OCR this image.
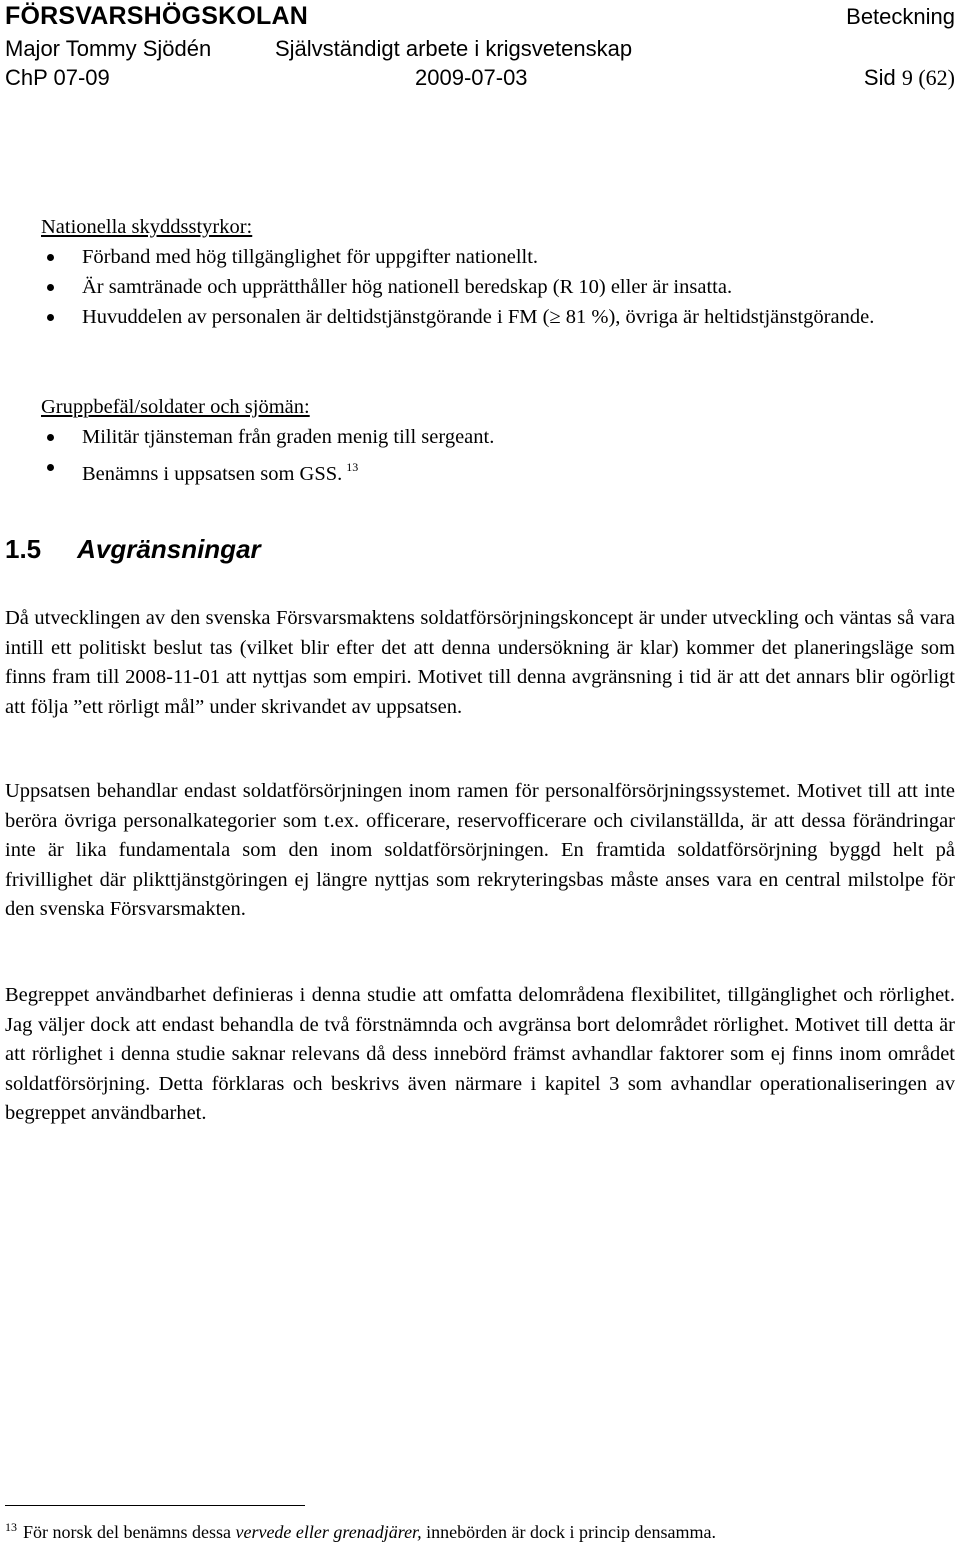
FÖRSVARSHÖGSKOLAN	Beteckning
Major Tommy Sjödén	Självständigt arbete i krigsvetenskap
ChP 07-09	2009-07-03	Sid 9 (62)
Nationella skyddsstyrkor:
Förband med hög tillgänglighet för uppgifter nationellt.
Är samtränade och upprätthåller hög nationell beredskap (R 10) eller är insatta.
Huvuddelen av personalen är deltidstjänstgörande i FM (≥ 81 %), övriga är heltidstjänstgörande.
Gruppbefäl/soldater och sjömän:
Militär tjänsteman från graden menig till sergeant.
Benämns i uppsatsen som GSS. $^{13}$
1.5 Avgränsningar

Då utvecklingen av den svenska Försvarsmaktens soldatförsörjningskoncept är under utveckling och väntas så vara intill ett politiskt beslut tas (vilket blir efter det att denna undersökning är klar) kommer det planeringsläge som finns fram till 2008-11-01 att nyttjas som empiri. Motivet till denna avgränsning i tid är att det annars blir ogörligt att följa ”ett rörligt mål” under skrivandet av uppsatsen.

Uppsatsen behandlar endast soldatförsörjningen inom ramen för personalförsörjningssystemet. Motivet till att inte beröra övriga personalkategorier som t.ex. officerare, reservofficerare och civilanställda, är att dessa förändringar inte är lika fundamentala som den inom soldatförsörjningen. En framtida soldatförsörjning byggd helt på frivillighet där plikttjänstgöringen ej längre nyttjas som rekryteringsbas måste anses vara en central milstolpe för den svenska Försvarsmakten.

Begreppet användbarhet definieras i denna studie att omfatta delområdena flexibilitet, tillgänglighet och rörlighet. Jag väljer dock att endast behandla de två förstnämnda och avgränsa bort delområdet rörlighet. Motivet till detta är att rörlighet i denna studie saknar relevans då dess innebörd främst avhandlar faktorer som ej finns inom området soldatförsörjning. Detta förklaras och beskrivs även närmare i kapitel 3 som avhandlar operationaliseringen av begreppet användbarhet.

$^{13}$ För norsk del benämns dessa vervede eller grenadjärer, innebörden är dock i princip densamma.
